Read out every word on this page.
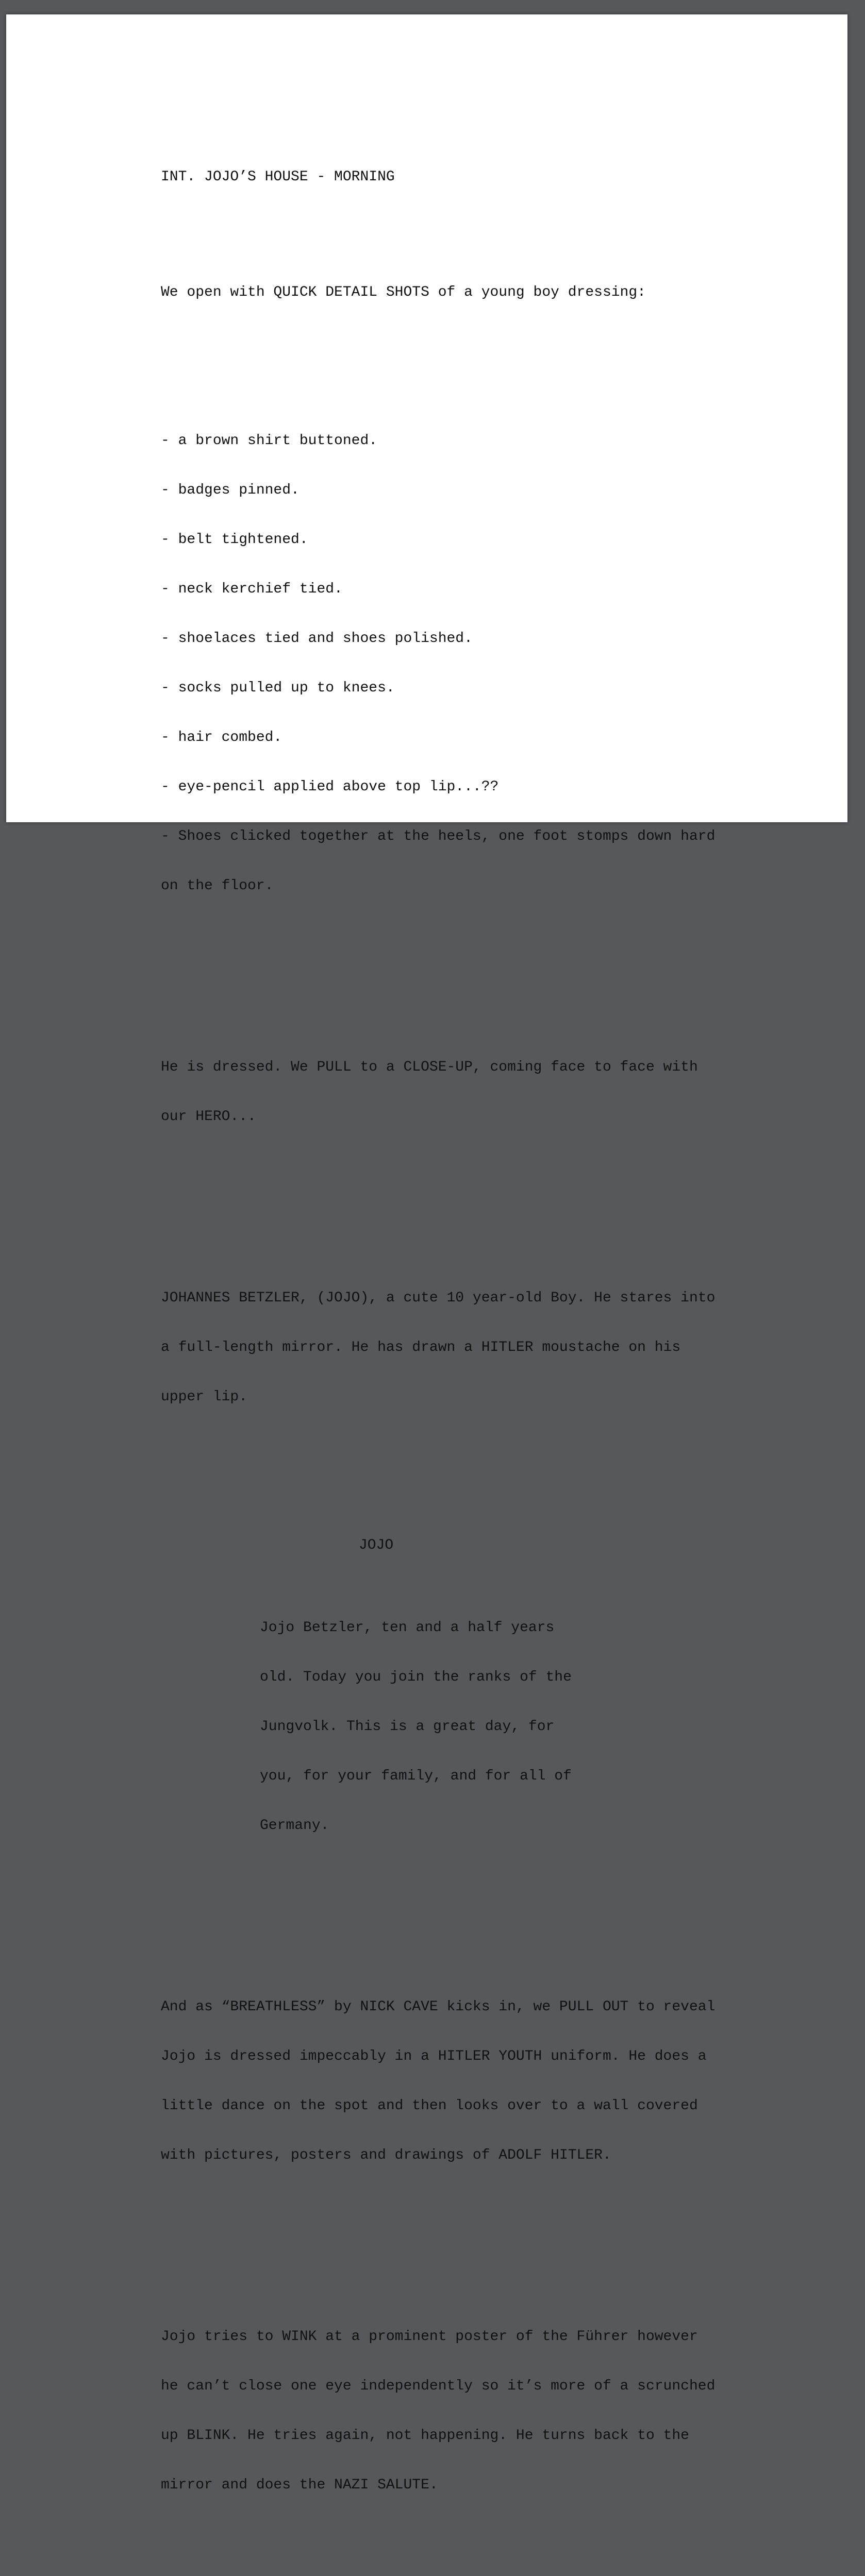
INT. JOJO’S HOUSE - MORNING

We open with QUICK DETAIL SHOTS of a young boy dressing:

- a brown shirt buttoned.

- badges pinned.

- belt tightened.

- neck kerchief tied.

- shoelaces tied and shoes polished.

- socks pulled up to knees.

- hair combed.

- eye-pencil applied above top lip...??

- Shoes clicked together at the heels, one foot stomps down hard

on the floor.

He is dressed. We PULL to a CLOSE-UP, coming face to face with

our HERO...

JOHANNES BETZLER, (JOJO), a cute 10 year-old Boy. He stares into

a full-length mirror. He has drawn a HITLER moustache on his

upper lip.

JOJO

Jojo Betzler, ten and a half years

old. Today you join the ranks of the

Jungvolk. This is a great day, for

you, for your family, and for all of

Germany.

And as “BREATHLESS” by NICK CAVE kicks in, we PULL OUT to reveal

Jojo is dressed impeccably in a HITLER YOUTH uniform. He does a

little dance on the spot and then looks over to a wall covered

with pictures, posters and drawings of ADOLF HITLER.

Jojo tries to WINK at a prominent poster of the Führer however

he can’t close one eye independently so it’s more of a scrunched

up BLINK. He tries again, not happening. He turns back to the

mirror and does the NAZI SALUTE.
